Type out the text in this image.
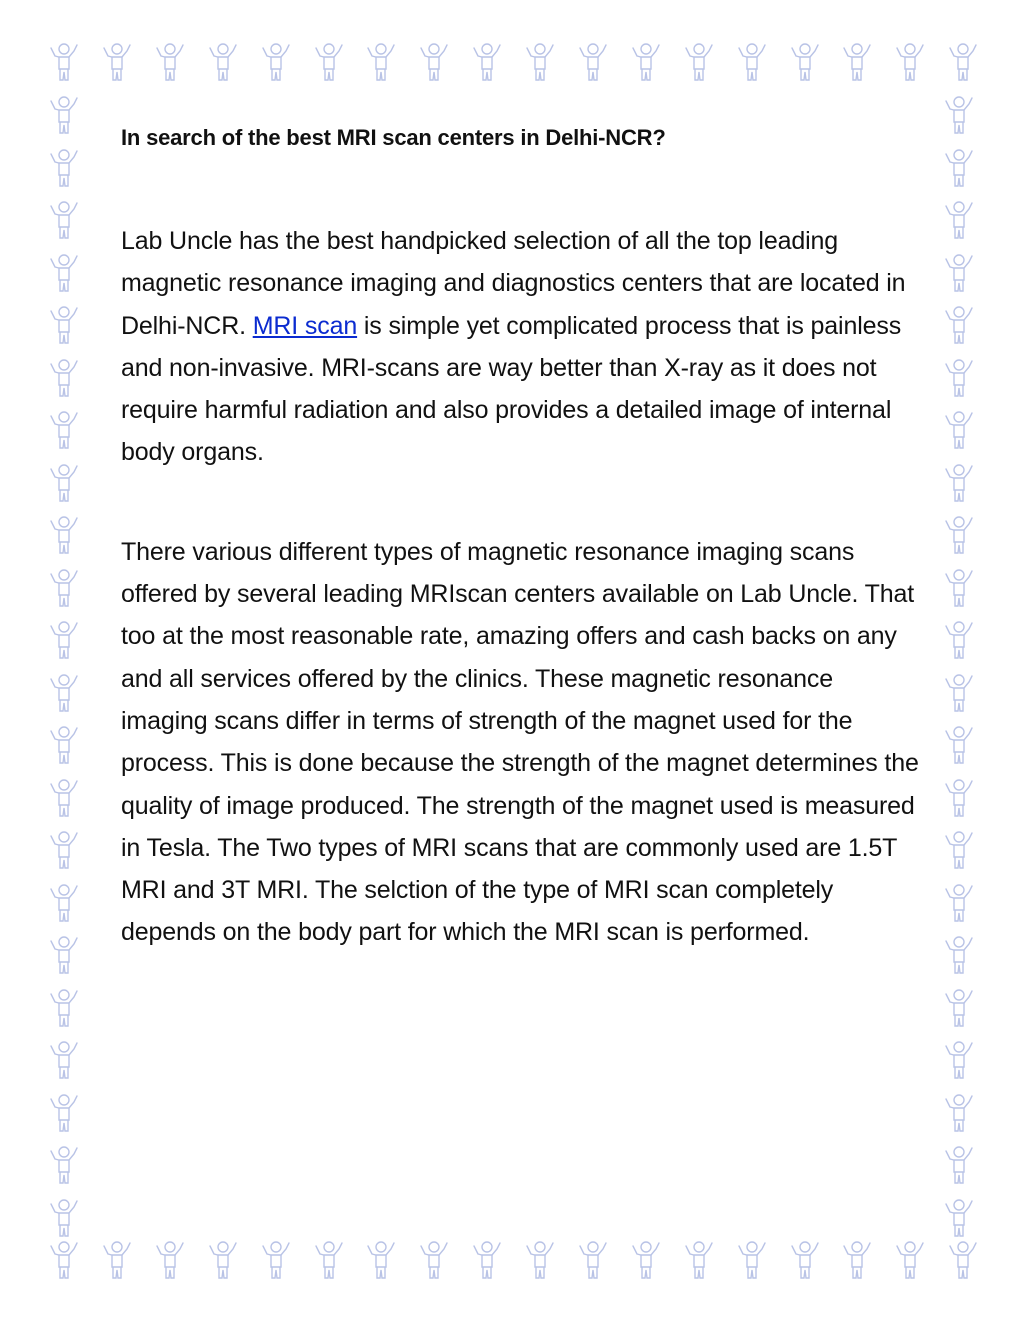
In search of the best MRI scan centers in Delhi-NCR?

Lab Uncle has the best handpicked selection of all the top leading magnetic resonance imaging and diagnostics centers that are located in Delhi-NCR. MRI scan is simple yet complicated process that is painless and non-invasive. MRI-scans are way better than X-ray as it does not require harmful radiation and also provides a detailed image of internal body organs.

There various different types of magnetic resonance imaging scans offered by several leading MRIscan centers available on Lab Uncle. That too at the most reasonable rate, amazing offers and cash backs on any and all services offered by the clinics. These magnetic resonance imaging scans differ in terms of strength of the magnet used for the process. This is done because the strength of the magnet determines the quality of image produced. The strength of the magnet used is measured in Tesla. The Two types of MRI scans that are commonly used are 1.5T MRI and 3T MRI. The selction of the type of MRI scan completely depends on the body part for which the MRI scan is performed.
